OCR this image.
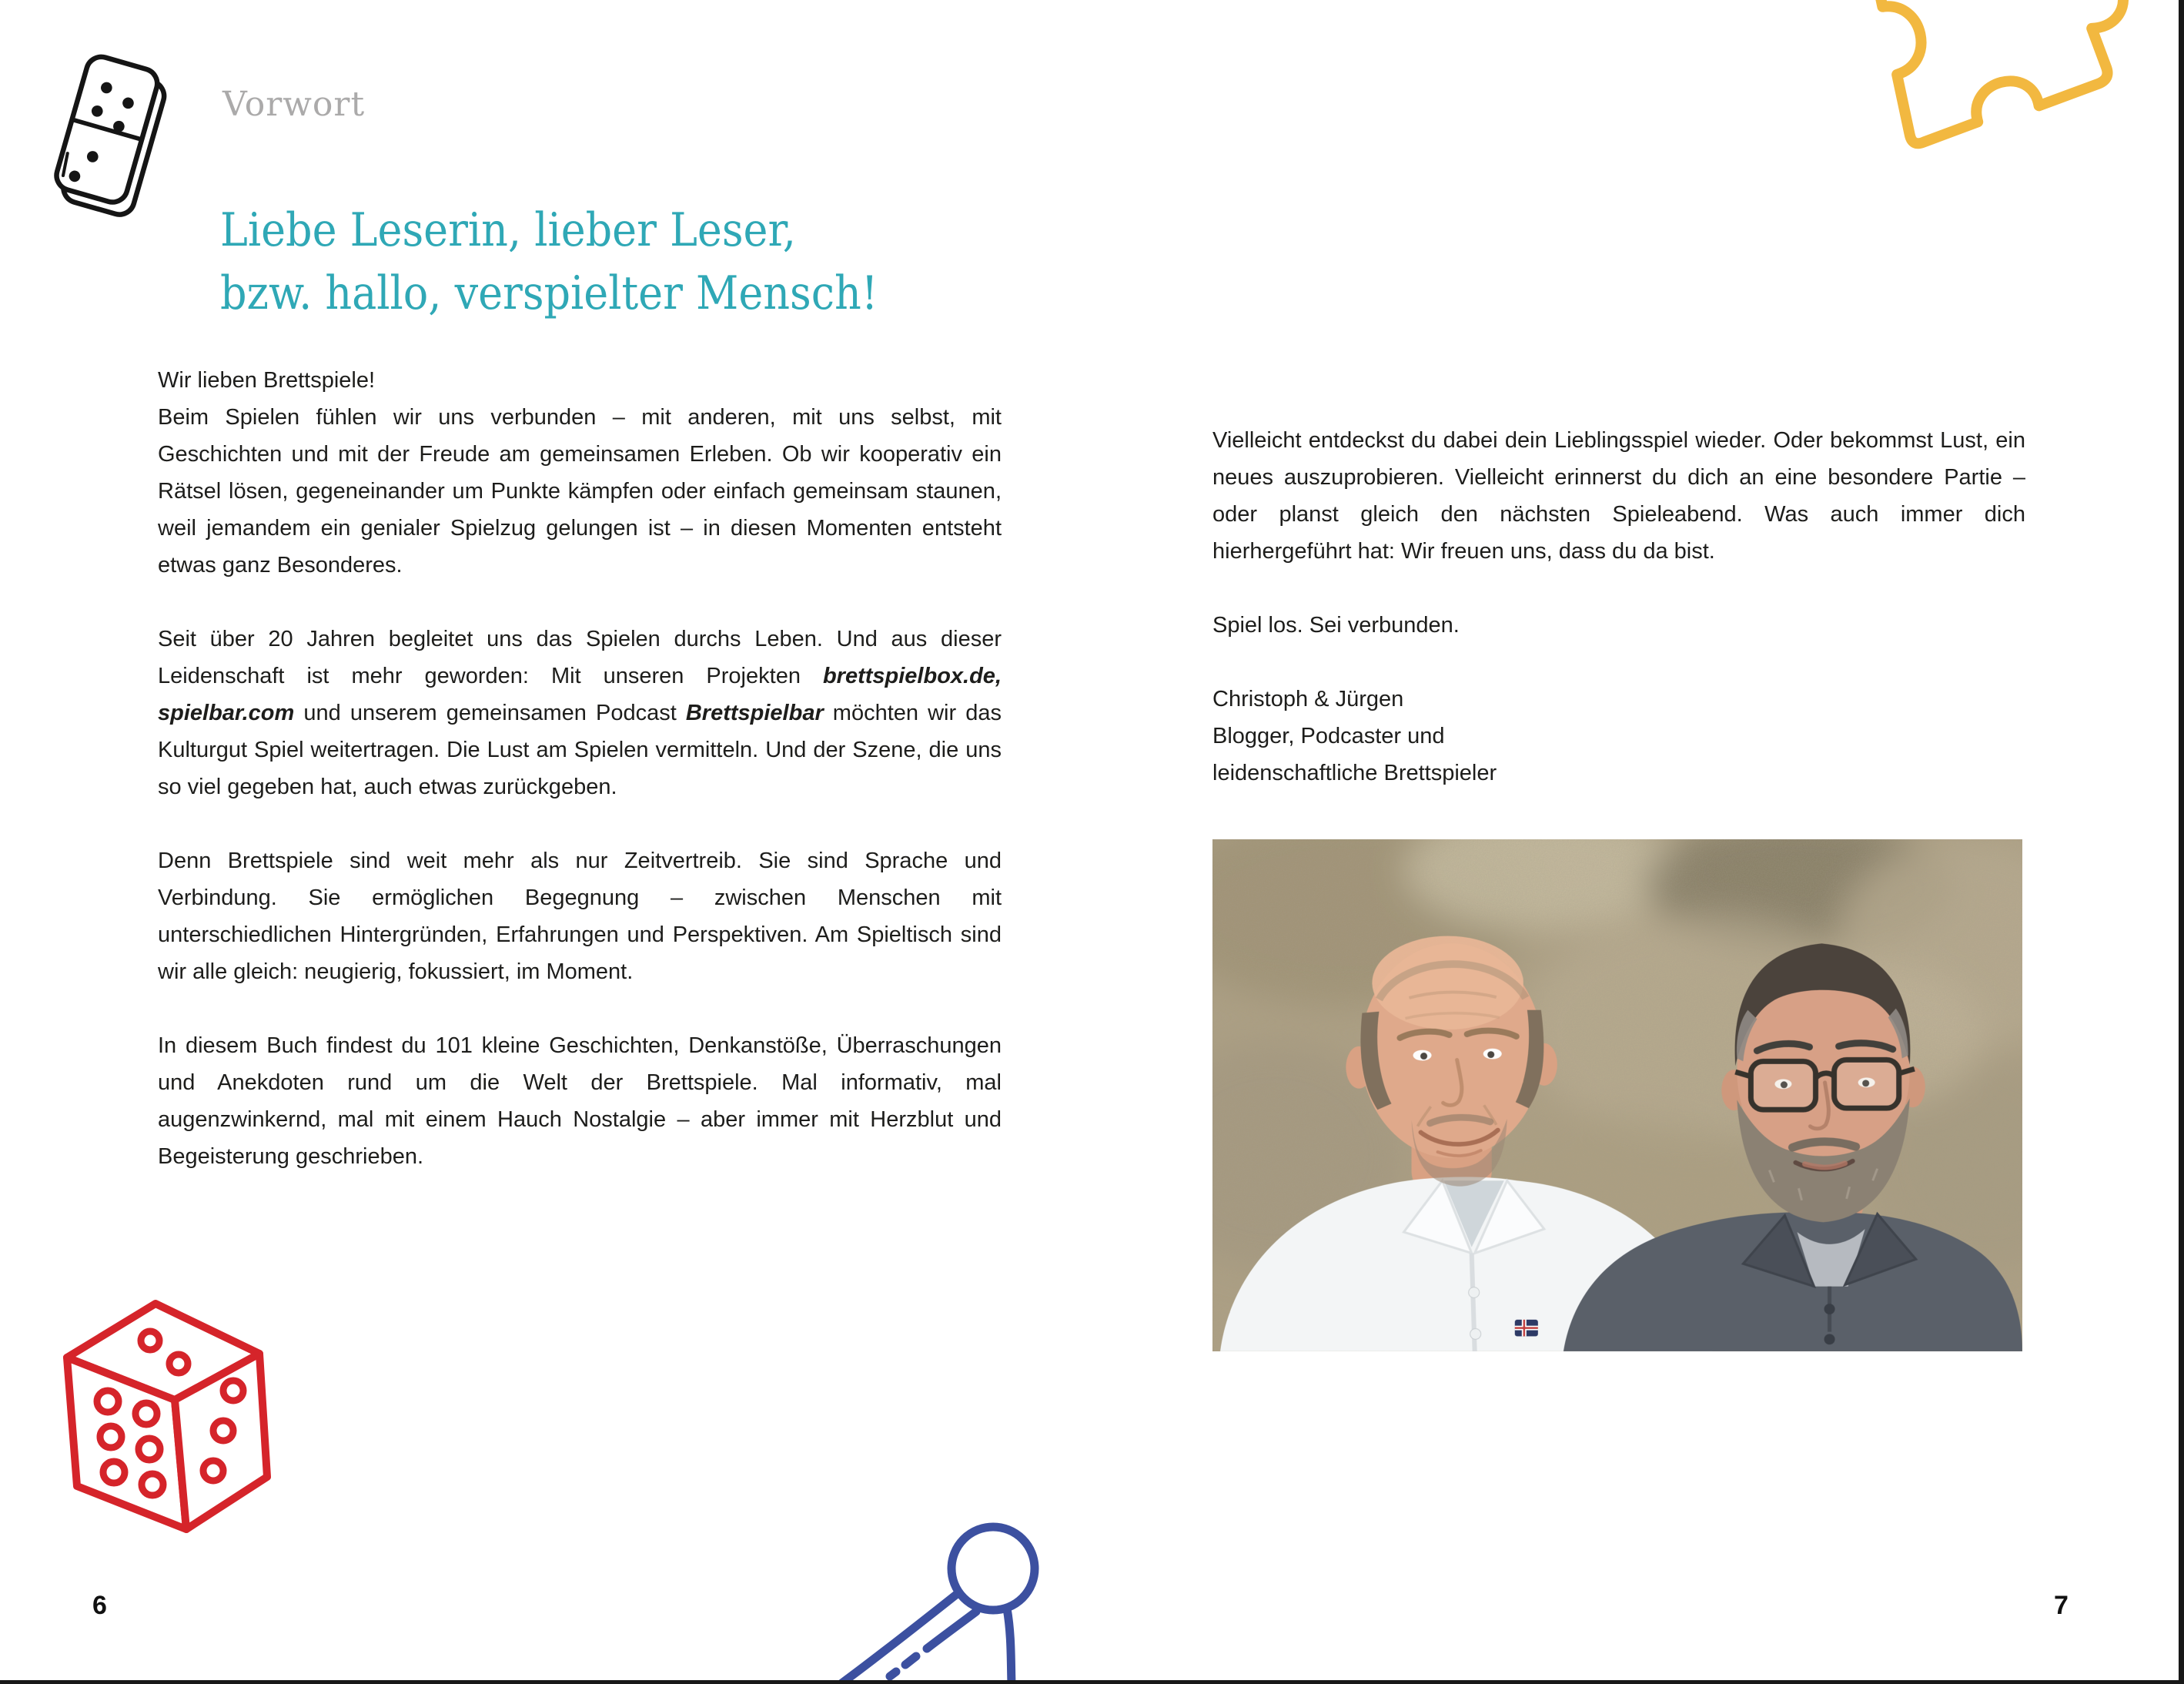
Vorwort
Liebe Leserin, lieber Leser,
bzw. hallo, verspielter Mensch!

Wir lieben Brettspiele!
Beim Spielen fühlen wir uns verbunden – mit anderen, mit uns selbst, mit Geschichten und mit der Freude am gemeinsamen Erleben. Ob wir kooperativ ein Rätsel lösen, gegeneinander um Punkte kämpfen oder einfach gemeinsam staunen, weil jemandem ein genialer Spielzug gelungen ist – in diesen Momenten entsteht etwas ganz Besonderes.

Seit über 20 Jahren begleitet uns das Spielen durchs Leben. Und aus dieser Leidenschaft ist mehr geworden: Mit unseren Projekten brettspielbox.de, spielbar.com und unserem gemeinsamen Podcast Brettspielbar möchten wir das Kulturgut Spiel weitertragen. Die Lust am Spielen vermitteln. Und der Szene, die uns so viel gegeben hat, auch etwas zurückgeben.

Denn Brettspiele sind weit mehr als nur Zeitvertreib. Sie sind Sprache und Verbindung. Sie ermöglichen Begegnung – zwischen Menschen mit unterschiedlichen Hintergründen, Erfahrungen und Perspektiven. Am Spieltisch sind wir alle gleich: neugierig, fokussiert, im Moment.

In diesem Buch findest du 101 kleine Geschichten, Denkanstöße, Überraschungen und Anekdoten rund um die Welt der Brettspiele. Mal informativ, mal augenzwinkernd, mal mit einem Hauch Nostalgie – aber immer mit Herzblut und Begeisterung geschrieben.

Vielleicht entdeckst du dabei dein Lieblingsspiel wieder. Oder bekommst Lust, ein neues auszuprobieren. Vielleicht erinnerst du dich an eine besondere Partie – oder planst gleich den nächsten Spieleabend. Was auch immer dich hierhergeführt hat: Wir freuen uns, dass du da bist.

Spiel los. Sei verbunden.

Christoph & Jürgen
Blogger, Podcaster und
leidenschaftliche Brettspieler

6	7
